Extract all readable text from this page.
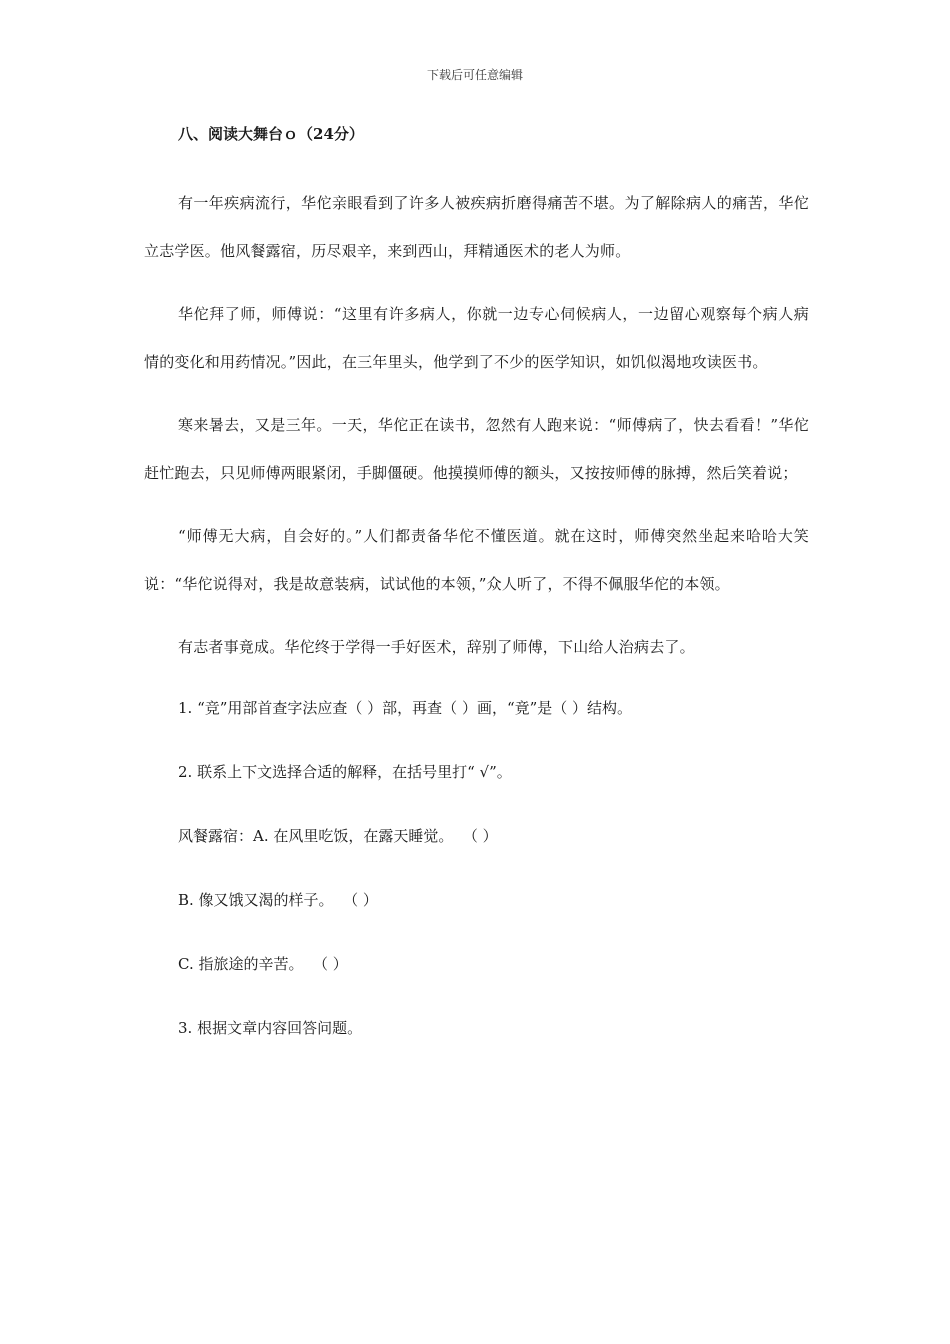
下载后可任意编辑
八、阅读大舞台ｏ（24分）

有一年疾病流行，华佗亲眼看到了许多人被疾病折磨得痛苦不堪。为了解除病人的痛苦，华佗立志学医。他风餐露宿，历尽艰辛，来到西山，拜精通医术的老人为师。

华佗拜了师，师傅说：“这里有许多病人，你就一边专心伺候病人，一边留心观察每个病人病情的变化和用药情况。”因此，在三年里头，他学到了不少的医学知识，如饥似渴地攻读医书。

寒来暑去，又是三年。一天，华佗正在读书，忽然有人跑来说：“师傅病了，快去看看！”华佗赶忙跑去，只见师傅两眼紧闭，手脚僵硬。他摸摸师傅的额头，又按按师傅的脉搏，然后笑着说；

“师傅无大病，自会好的。”人们都责备华佗不懂医道。就在这时，师傅突然坐起来哈哈大笑说：“华佗说得对，我是故意装病，试试他的本领，”众人听了，不得不佩服华佗的本领。

有志者事竟成。华佗终于学得一手好医术，辞别了师傅，下山给人治病去了。

1. “竞”用部首查字法应查（ ）部，再查（ ）画，“竟”是（ ）结构。
2. 联系上下文选择合适的解释，在括号里打“ √”。
风餐露宿：A. 在风里吃饭，在露天睡觉。  （ ）
B. 像又饿又渴的样子。  （ ）
C. 指旅途的辛苦。  （ ）
3. 根据文章内容回答问题。
